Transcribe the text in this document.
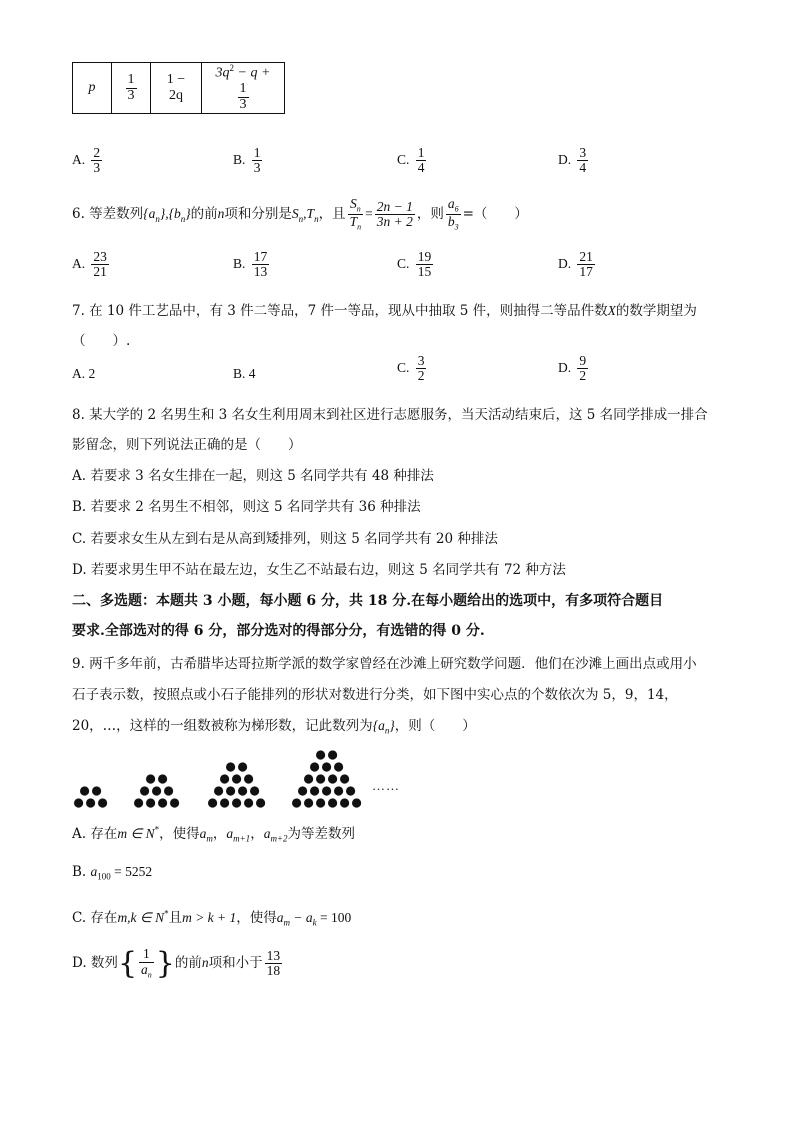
p	$\frac{1}{3}$	1 − 2q	$3q^2 - q$ +
$\frac{1}{3}$
A. $\frac{2}{3}$	B. $\frac{1}{3}$	C. $\frac{1}{4}$	D. $\frac{3}{4}$
6. 等差数列$\{a_n\},\{b_n\}$的前n项和分别是$S_n,T_n$，且 $\frac{S_n}{T_n} = \frac{2n - 1}{3n + 2}$ ，则 $\frac{a_6}{b_3}$ =（　　）
A. $\frac{23}{21}$	B. $\frac{17}{13}$	C. $\frac{19}{15}$	D. $\frac{21}{17}$
7. 在 10 件工艺品中，有 3 件二等品，7 件一等品，现从中抽取 5 件，则抽得二等品件数X的数学期望为
（　　）.
A. 2	B. 4	C. $\frac{3}{2}$	D. $\frac{9}{2}$
8. 某大学的 2 名男生和 3 名女生利用周末到社区进行志愿服务，当天活动结束后，这 5 名同学排成一排合
影留念，则下列说法正确的是（　　）
A. 若要求 3 名女生排在一起，则这 5 名同学共有 48 种排法
B. 若要求 2 名男生不相邻，则这 5 名同学共有 36 种排法
C. 若要求女生从左到右是从高到矮排列，则这 5 名同学共有 20 种排法
D. 若要求男生甲不站在最左边，女生乙不站最右边，则这 5 名同学共有 72 种方法
二、多选题：本题共 3 小题，每小题 6 分，共 18 分.在每小题给出的选项中，有多项符合题目
要求.全部选对的得 6 分，部分选对的得部分分，有选错的得 0 分.
9. 两千多年前，古希腊毕达哥拉斯学派的数学家曾经在沙滩上研究数学问题．他们在沙滩上画出点或用小
石子表示数，按照点或小石子能排列的形状对数进行分类，如下图中实心点的个数依次为 5，9，14，
20，…，这样的一组数被称为梯形数，记此数列为$\{a_n\}$，则（　　）
……
A. 存在m ∈ N*，使得$a_m$，$a_{m+1}$，$a_{m+2}$为等差数列
B. $a_{100} = 5252$
C. 存在m,k ∈ N*且m > k + 1，使得$a_m - a_k = 100$
D. 数列{ $\frac{1}{a_n}$ }的前n项和小于 $\frac{13}{18}$
